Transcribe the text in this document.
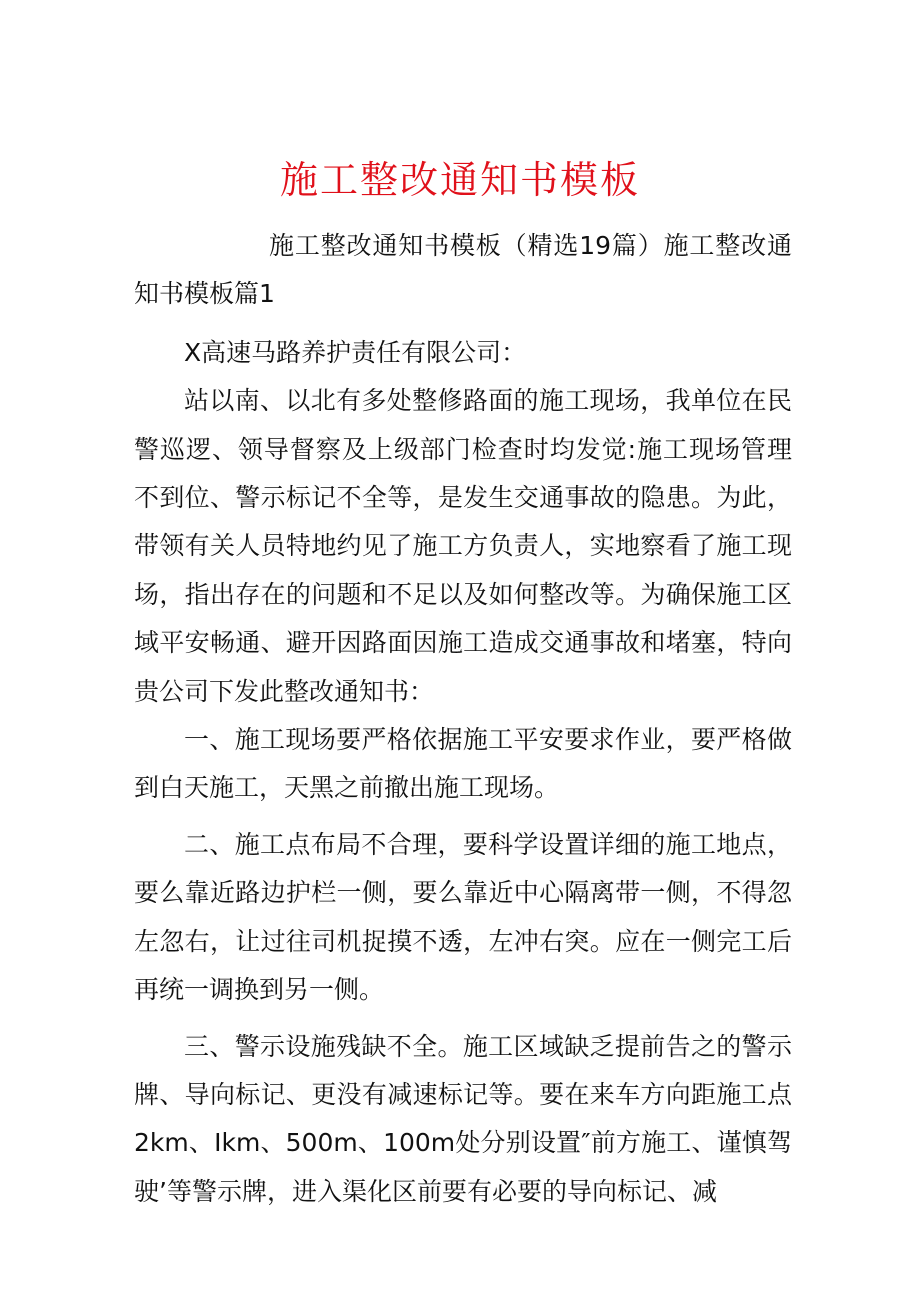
施工整改通知书模板

施工整改通知书模板（精选19篇）施工整改通知书模板篇1

X高速马路养护责任有限公司：

站以南、以北有多处整修路面的施工现场，我单位在民警巡逻、领导督察及上级部门检查时均发觉:施工现场管理不到位、警示标记不全等，是发生交通事故的隐患。为此，带领有关人员特地约见了施工方负责人，实地察看了施工现场，指出存在的问题和不足以及如何整改等。为确保施工区域平安畅通、避开因路面因施工造成交通事故和堵塞，特向贵公司下发此整改通知书：

一、施工现场要严格依据施工平安要求作业，要严格做到白天施工，天黑之前撤出施工现场。

二、施工点布局不合理，要科学设置详细的施工地点，要么靠近路边护栏一侧，要么靠近中心隔离带一侧，不得忽左忽右，让过往司机捉摸不透，左冲右突。应在一侧完工后再统一调换到另一侧。

三、警示设施残缺不全。施工区域缺乏提前告之的警示牌、导向标记、更没有减速标记等。要在来车方向距施工点2km、Ikm、500m、100m处分别设置″前方施工、谨慎驾驶’等警示牌，进入渠化区前要有必要的导向标记、减
